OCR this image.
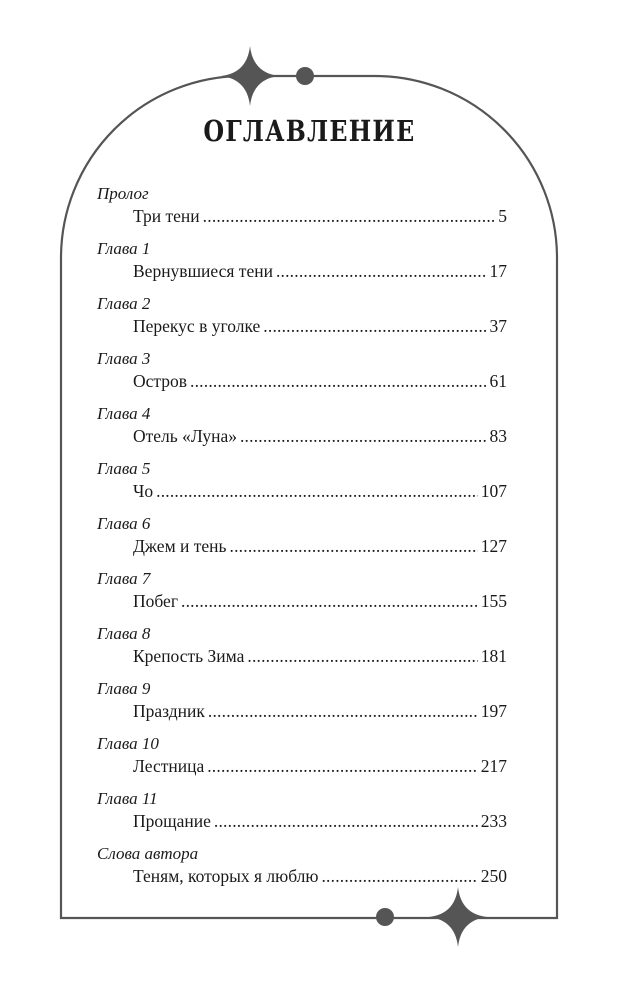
ОГЛАВЛЕНИЕ
Пролог
Три тени .....	5
Глава 1
Вернувшиеся тени .....	17
Глава 2
Перекус в уголке .....	37
Глава 3
Остров .....	61
Глава 4
Отель «Луна» .....	83
Глава 5
Чо .....	107
Глава 6
Джем и тень .....	127
Глава 7
Побег .....	155
Глава 8
Крепость Зима .....	181
Глава 9
Праздник .....	197
Глава 10
Лестница .....	217
Глава 11
Прощание .....	233
Слова автора
Теням, которых я люблю .....	250
